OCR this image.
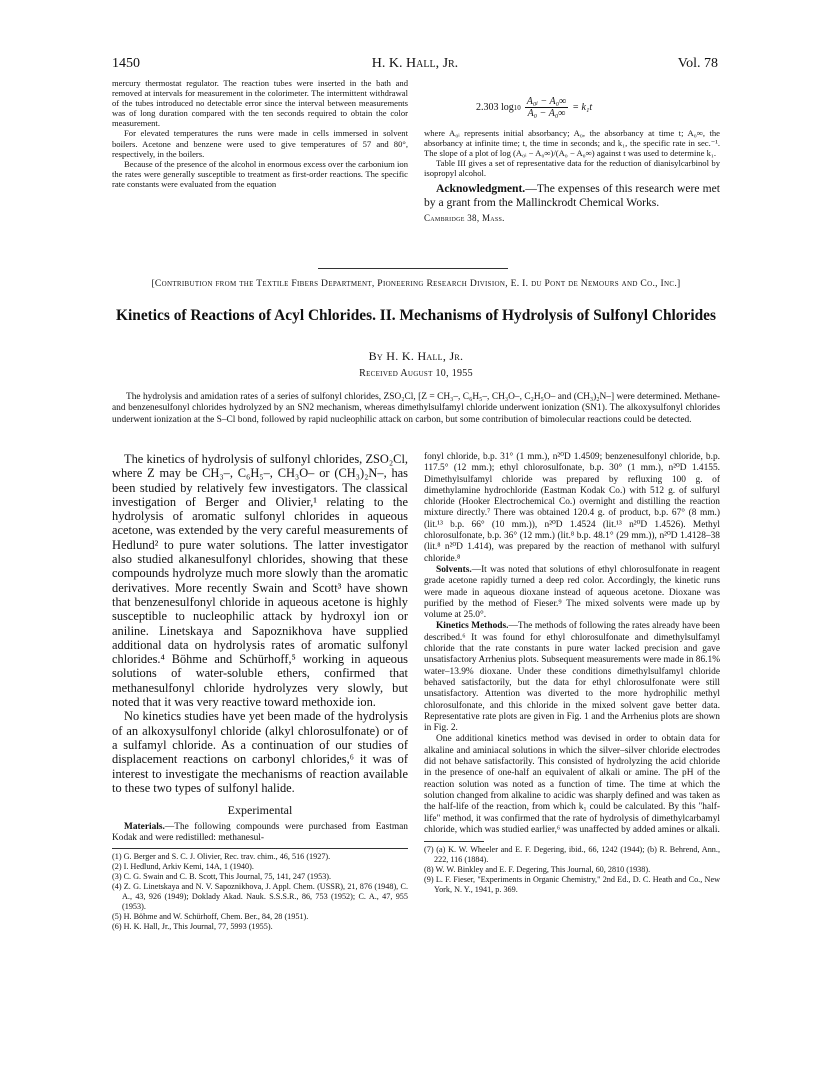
1450	H. K. Hall, Jr.	Vol. 78

mercury thermostat regulator. The reaction tubes were inserted in the bath and removed at intervals for measurement in the colorimeter. The intermittent withdrawal of the tubes introduced no detectable error since the interval between measurements was of long duration compared with the ten seconds required to obtain the color measurement.

For elevated temperatures the runs were made in cells immersed in solvent boilers. Acetone and benzene were used to give temperatures of 57 and 80°, respectively, in the boilers.

Because of the presence of the alcohol in enormous excess over the carbonium ion the rates were generally susceptible to treatment as first-order reactions. The specific rate constants were evaluated from the equation

2.303 $\log 10 \frac{\text{A₀ᵢ − A₀∞}}{\text{A₀ − A₀∞}} = k_1t$

where A₀ᵢ represents initial absorbancy; A₀, the absorbancy at time t; A₀∞, the absorbancy at infinite time; t, the time in seconds; and k₁, the specific rate in sec.⁻¹. The slope of a plot of log (A₀ᵢ − A₀∞)/(A₀ − A₀∞) against t was used to determine k₁.

Table III gives a set of representative data for the reduction of dianisylcarbinol by isopropyl alcohol.

Acknowledgment.—The expenses of this research were met by a grant from the Mallinckrodt Chemical Works.

Cambridge 38, Mass.

[Contribution from the Textile Fibers Department, Pioneering Research Division, E. I. du Pont de Nemours and Co., Inc.]
Kinetics of Reactions of Acyl Chlorides. II. Mechanisms of Hydrolysis of Sulfonyl Chlorides
By H. K. Hall, Jr.
Received August 10, 1955
The hydrolysis and amidation rates of a series of sulfonyl chlorides, ZSO₂Cl, [Z = CH₃–, C₆H₅–, CH₃O–, C₂H₅O– and (CH₃)₂N–] were determined. Methane- and benzenesulfonyl chlorides hydrolyzed by an SN2 mechanism, whereas dimethylsulfamyl chloride underwent ionization (SN1). The alkoxysulfonyl chlorides underwent ionization at the S–Cl bond, followed by rapid nucleophilic attack on carbon, but some contribution of bimolecular reactions could be detected.

The kinetics of hydrolysis of sulfonyl chlorides, ZSO₂Cl, where Z may be CH₃–, C₆H₅–, CH₃O– or (CH₃)₂N–, has been studied by relatively few investigators. The classical investigation of Berger and Olivier,¹ relating to the hydrolysis of aromatic sulfonyl chlorides in aqueous acetone, was extended by the very careful measurements of Hedlund² to pure water solutions. The latter investigator also studied alkanesulfonyl chlorides, showing that these compounds hydrolyze much more slowly than the aromatic derivatives. More recently Swain and Scott³ have shown that benzenesulfonyl chloride in aqueous acetone is highly susceptible to nucleophilic attack by hydroxyl ion or aniline. Linetskaya and Sapoznikhova have supplied additional data on hydrolysis rates of aromatic sulfonyl chlorides.⁴ Böhme and Schürhoff,⁵ working in aqueous solutions of water-soluble ethers, confirmed that methanesulfonyl chloride hydrolyzes very slowly, but noted that it was very reactive toward methoxide ion.

No kinetics studies have yet been made of the hydrolysis of an alkoxysulfonyl chloride (alkyl chlorosulfonate) or of a sulfamyl chloride. As a continuation of our studies of displacement reactions on carbonyl chlorides,⁶ it was of interest to investigate the mechanisms of reaction available to these two types of sulfonyl halide.

Experimental

Materials.—The following compounds were purchased from Eastman Kodak and were redistilled: methanesul-

(1) G. Berger and S. C. J. Olivier, Rec. trav. chim., 46, 516 (1927).

(2) I. Hedlund, Arkiv Kemi, 14A, 1 (1940).

(3) C. G. Swain and C. B. Scott, This Journal, 75, 141, 247 (1953).

(4) Z. G. Linetskaya and N. V. Sapoznikhova, J. Appl. Chem. (USSR), 21, 876 (1948), C. A., 43, 926 (1949); Doklady Akad. Nauk. S.S.S.R., 86, 753 (1952); C. A., 47, 955 (1953).

(5) H. Böhme and W. Schürhoff, Chem. Ber., 84, 28 (1951).

(6) H. K. Hall, Jr., This Journal, 77, 5993 (1955).

fonyl chloride, b.p. 31° (1 mm.), n²⁰D 1.4509; benzenesulfonyl chloride, b.p. 117.5° (12 mm.); ethyl chlorosulfonate, b.p. 30° (1 mm.), n²⁰D 1.4155. Dimethylsulfamyl chloride was prepared by refluxing 100 g. of dimethylamine hydrochloride (Eastman Kodak Co.) with 512 g. of sulfuryl chloride (Hooker Electrochemical Co.) overnight and distilling the reaction mixture directly.⁷ There was obtained 120.4 g. of product, b.p. 67° (8 mm.) (lit.¹³ b.p. 66° (10 mm.)), n²⁰D 1.4524 (lit.¹³ n²⁰D 1.4526). Methyl chlorosulfonate, b.p. 36° (12 mm.) (lit.⁸ b.p. 48.1° (29 mm.)), n²⁰D 1.4128–38 (lit.⁸ n²⁰D 1.414), was prepared by the reaction of methanol with sulfuryl chloride.⁸

Solvents.—It was noted that solutions of ethyl chlorosulfonate in reagent grade acetone rapidly turned a deep red color. Accordingly, the kinetic runs were made in aqueous dioxane instead of aqueous acetone. Dioxane was purified by the method of Fieser.⁹ The mixed solvents were made up by volume at 25.0°.

Kinetics Methods.—The methods of following the rates already have been described.⁶ It was found for ethyl chlorosulfonate and dimethylsulfamyl chloride that the rate constants in pure water lacked precision and gave unsatisfactory Arrhenius plots. Subsequent measurements were made in 86.1% water–13.9% dioxane. Under these conditions dimethylsulfamyl chloride behaved satisfactorily, but the data for ethyl chlorosulfonate were still unsatisfactory. Attention was diverted to the more hydrophilic methyl chlorosulfonate, and this chloride in the mixed solvent gave better data. Representative rate plots are given in Fig. 1 and the Arrhenius plots are shown in Fig. 2.

One additional kinetics method was devised in order to obtain data for alkaline and aminiacal solutions in which the silver–silver chloride electrodes did not behave satisfactorily. This consisted of hydrolyzing the acid chloride in the presence of one-half an equivalent of alkali or amine. The pH of the reaction solution was noted as a function of time. The time at which the solution changed from alkaline to acidic was sharply defined and was taken as the half-life of the reaction, from which k₁ could be calculated. By this "half-life" method, it was confirmed that the rate of hydrolysis of dimethylcarbamyl chloride, which was studied earlier,⁶ was unaffected by added amines or alkali.

(7) (a) K. W. Wheeler and E. F. Degering, ibid., 66, 1242 (1944); (b) R. Behrend, Ann., 222, 116 (1884).

(8) W. W. Binkley and E. F. Degering, This Journal, 60, 2810 (1938).

(9) L. F. Fieser, "Experiments in Organic Chemistry," 2nd Ed., D. C. Heath and Co., New York, N. Y., 1941, p. 369.
